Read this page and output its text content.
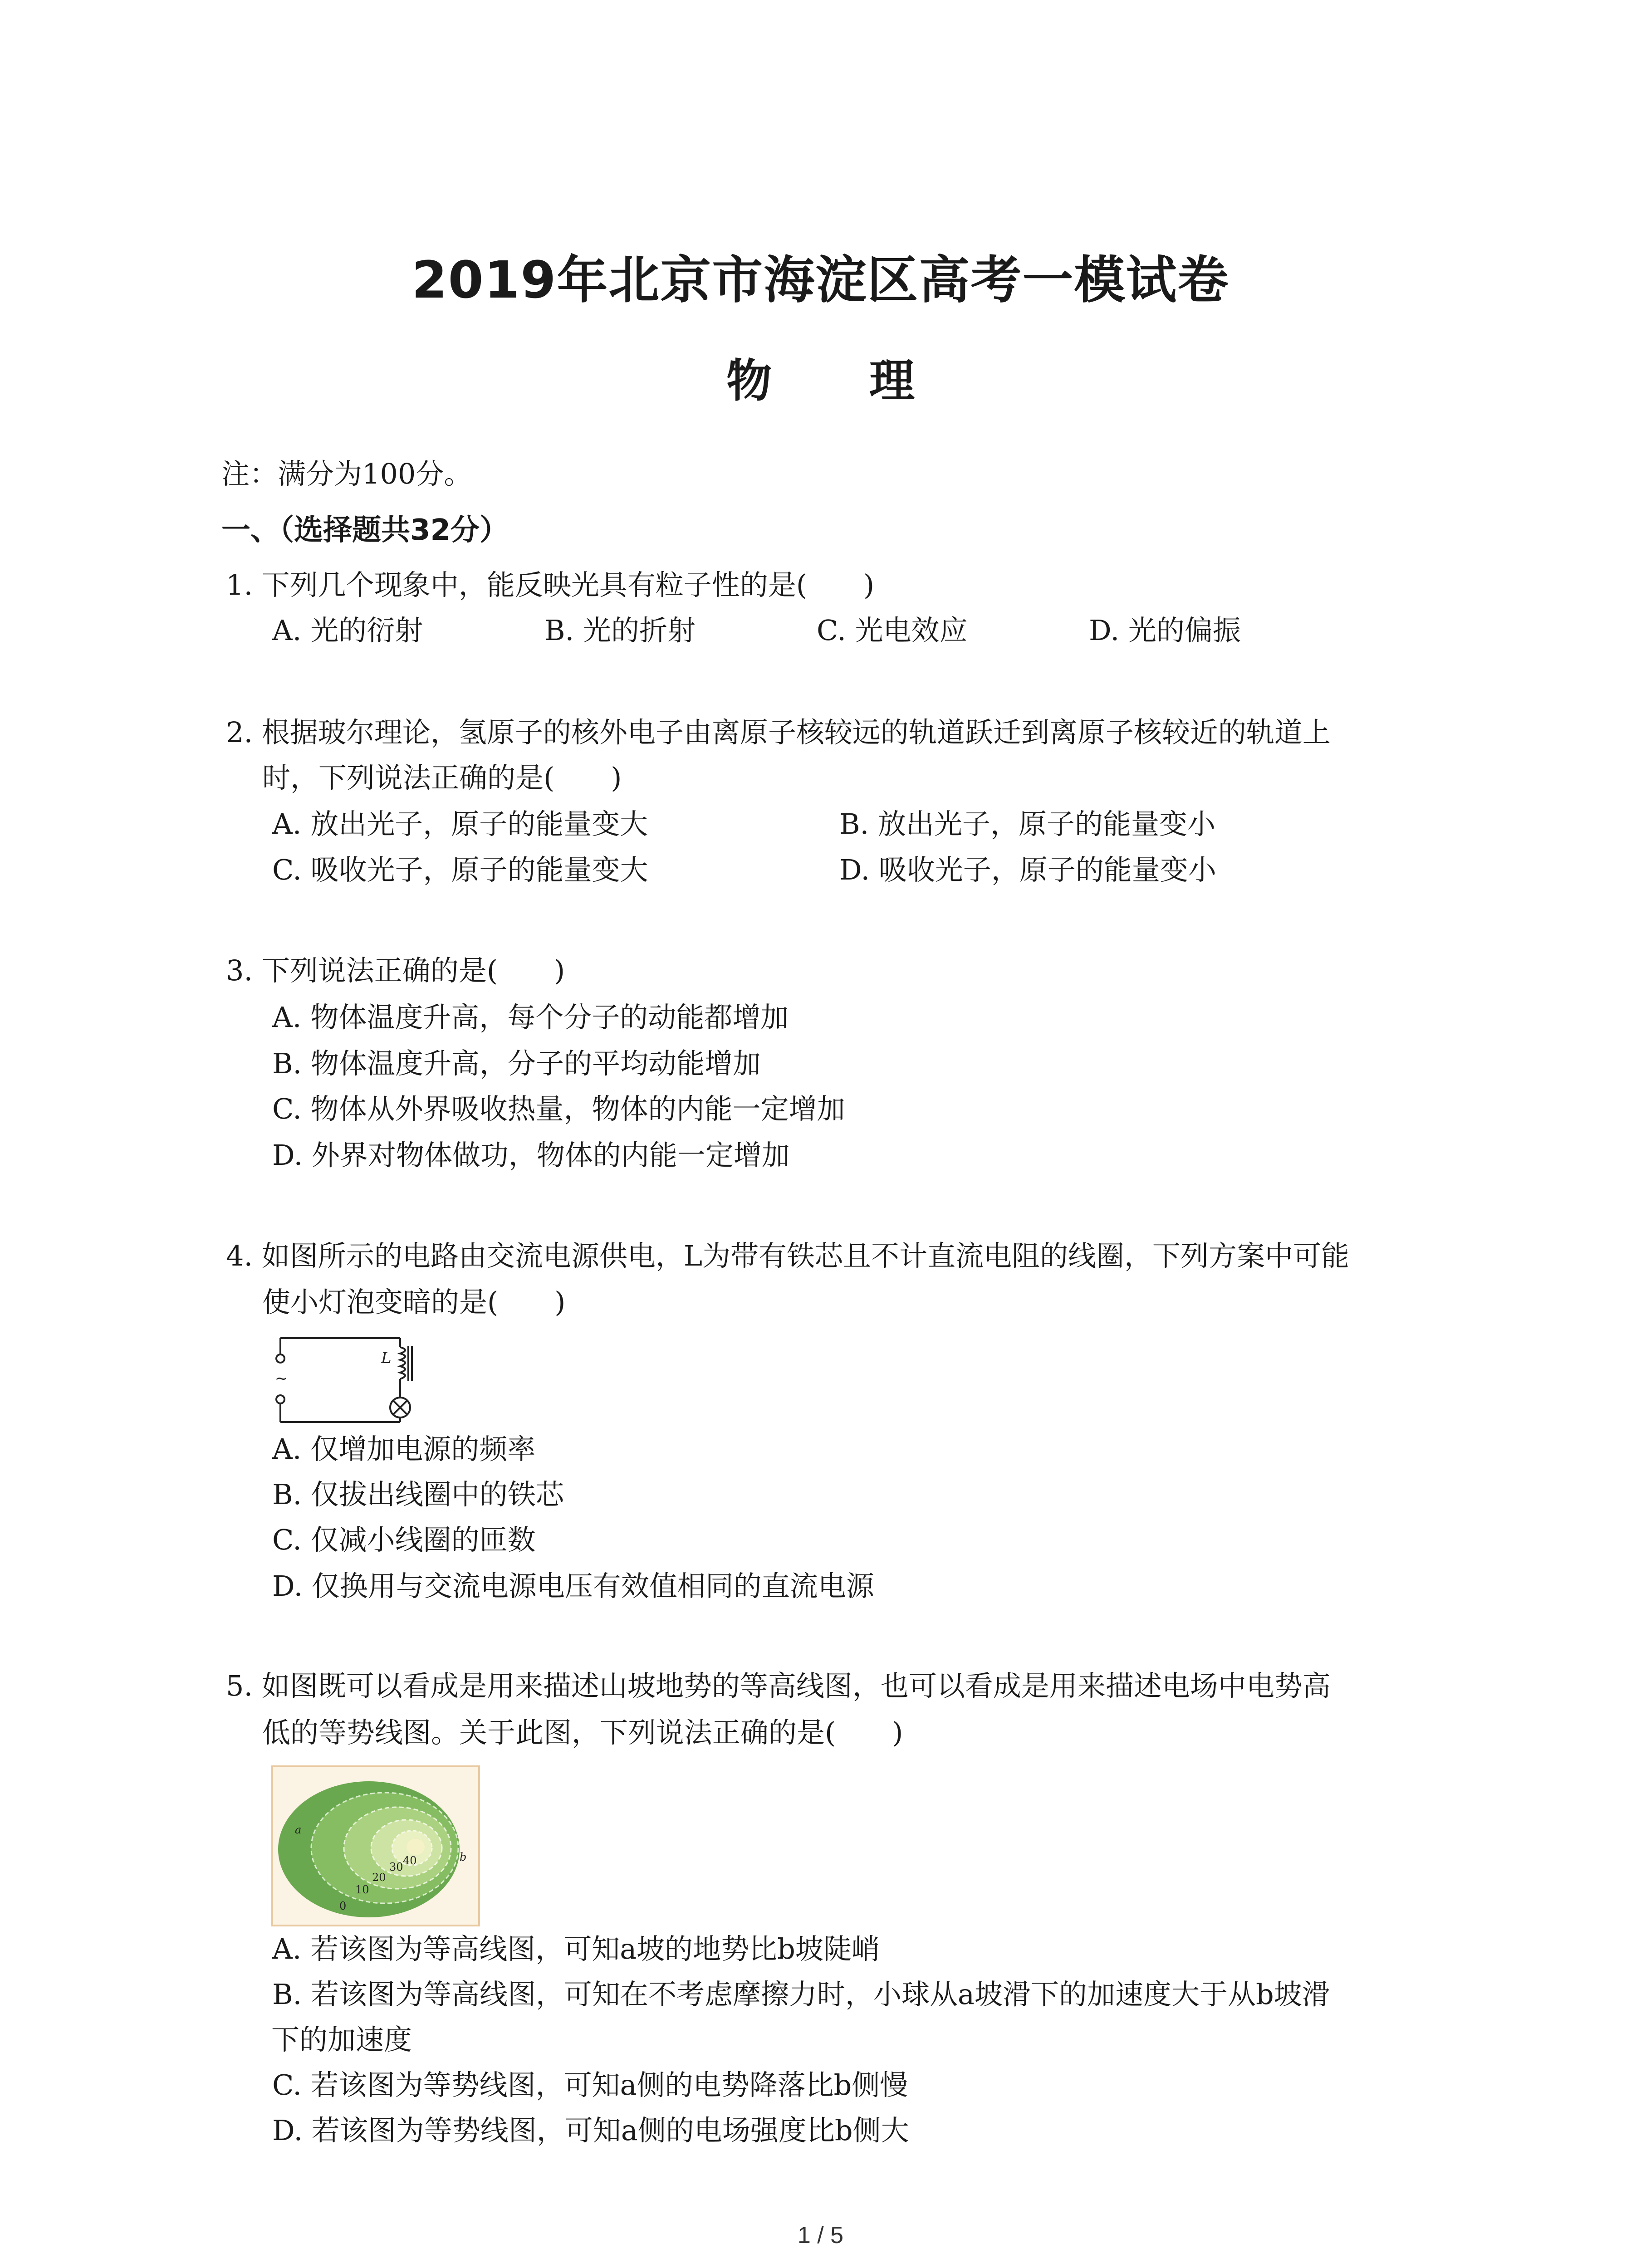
2019年北京市海淀区高考一模试卷
物 理
注：满分为100分。
一、（选择题共32分）
1. 下列几个现象中，能反映光具有粒子性的是(　　)
A. 光的衍射	B. 光的折射	C. 光电效应	D. 光的偏振
2. 根据玻尔理论，氢原子的核外电子由离原子核较远的轨道跃迁到离原子核较近的轨道上
时，下列说法正确的是(　　)
A. 放出光子，原子的能量变大	B. 放出光子，原子的能量变小
C. 吸收光子，原子的能量变大	D. 吸收光子，原子的能量变小
3. 下列说法正确的是(　　)
A. 物体温度升高，每个分子的动能都增加
B. 物体温度升高，分子的平均动能增加
C. 物体从外界吸收热量，物体的内能一定增加
D. 外界对物体做功，物体的内能一定增加
4. 如图所示的电路由交流电源供电，L为带有铁芯且不计直流电阻的线圈，下列方案中可能
使小灯泡变暗的是(　　)
L
~
A. 仅增加电源的频率
B. 仅拔出线圈中的铁芯
C. 仅减小线圈的匝数
D. 仅换用与交流电源电压有效值相同的直流电源
5. 如图既可以看成是用来描述山坡地势的等高线图，也可以看成是用来描述电场中电势高
低的等势线图。关于此图，下列说法正确的是(　　)
a
b
0
10
20
30 40
A. 若该图为等高线图，可知a坡的地势比b坡陡峭
B. 若该图为等高线图，可知在不考虑摩擦力时，小球从a坡滑下的加速度大于从b坡滑
下的加速度
C. 若该图为等势线图，可知a侧的电势降落比b侧慢
D. 若该图为等势线图，可知a侧的电场强度比b侧大
1 / 5
